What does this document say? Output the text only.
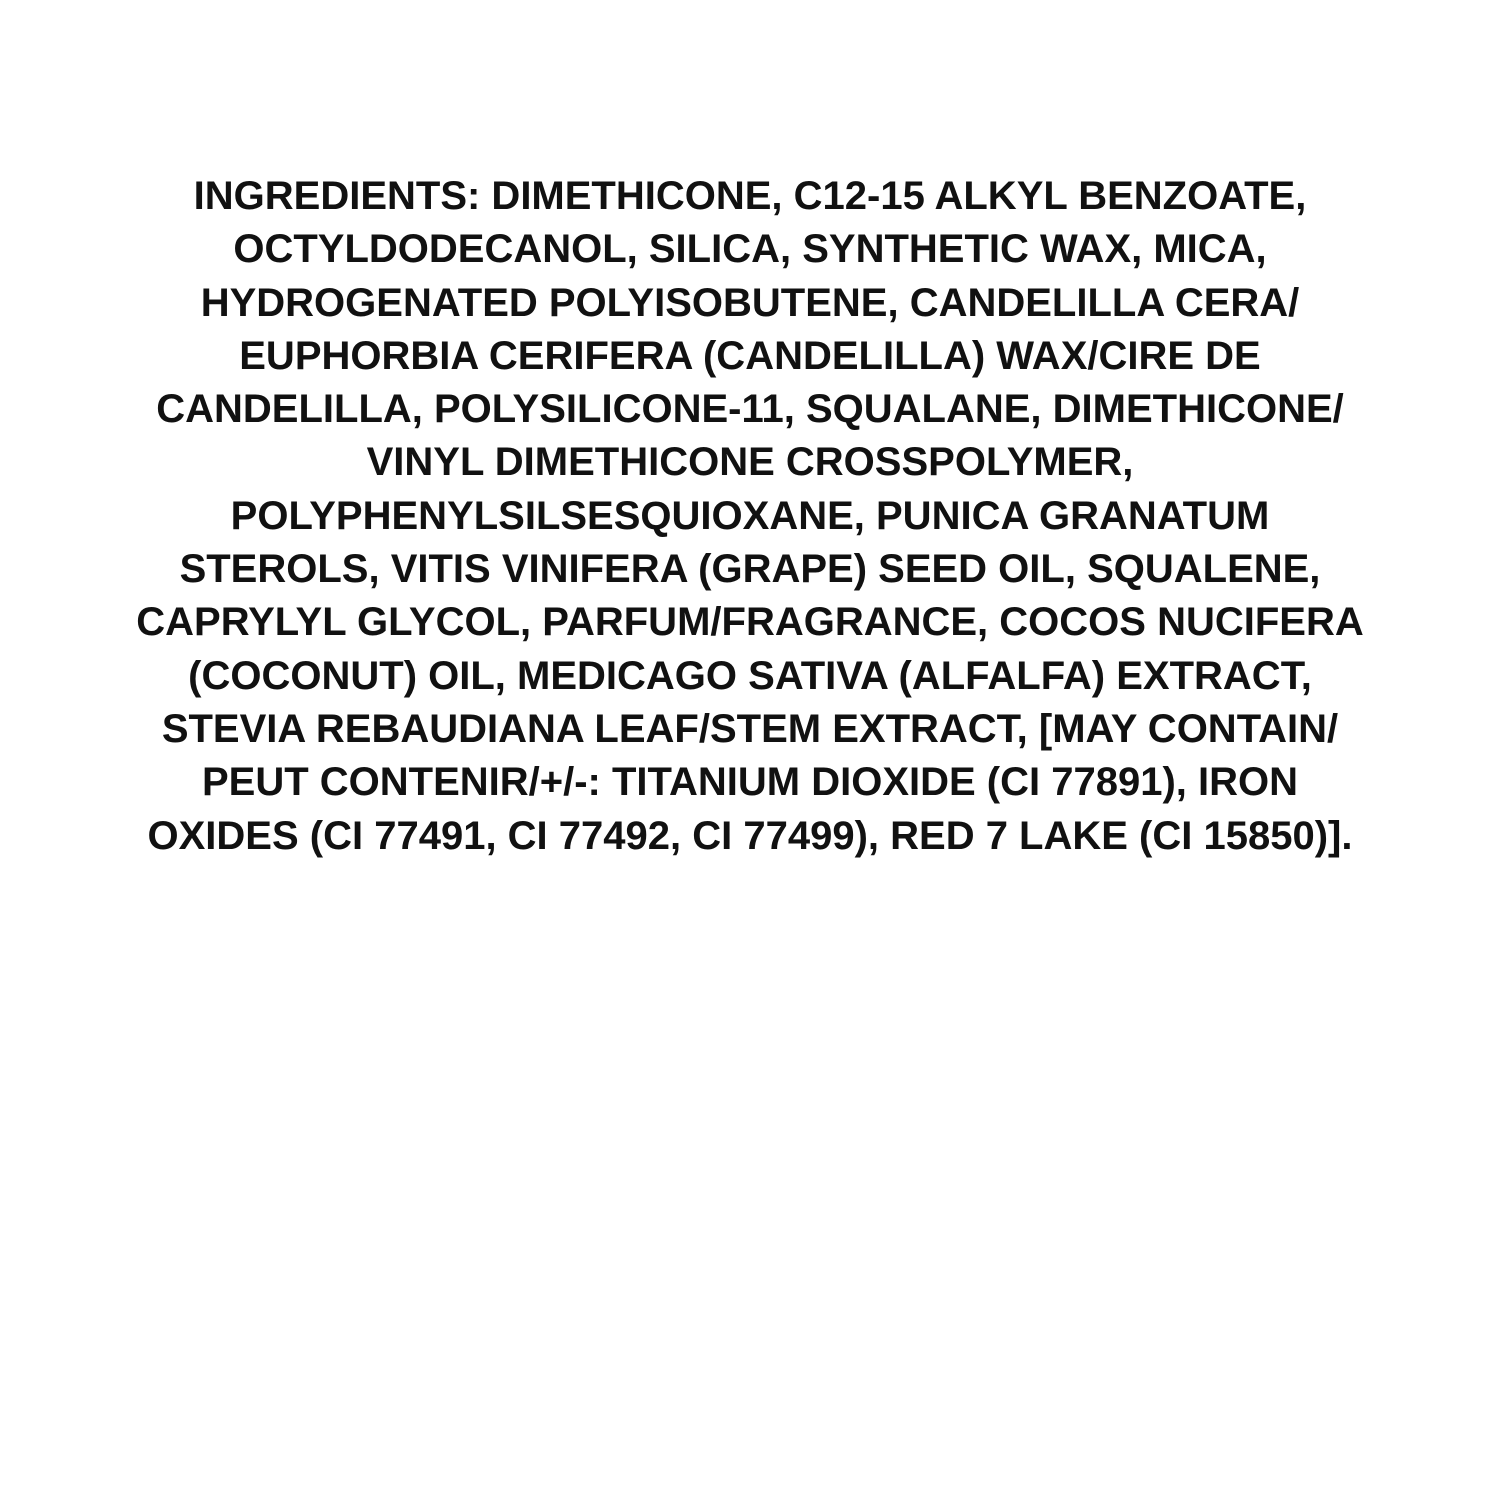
INGREDIENTS: DIMETHICONE, C12-15 ALKYL BENZOATE,
OCTYLDODECANOL, SILICA, SYNTHETIC WAX, MICA,
HYDROGENATED POLYISOBUTENE, CANDELILLA CERA/
EUPHORBIA CERIFERA (CANDELILLA) WAX/CIRE DE
CANDELILLA, POLYSILICONE-11, SQUALANE, DIMETHICONE/
VINYL DIMETHICONE CROSSPOLYMER,
POLYPHENYLSILSESQUIOXANE, PUNICA GRANATUM
STEROLS, VITIS VINIFERA (GRAPE) SEED OIL, SQUALENE,
CAPRYLYL GLYCOL, PARFUM/FRAGRANCE, COCOS NUCIFERA
(COCONUT) OIL, MEDICAGO SATIVA (ALFALFA) EXTRACT,
STEVIA REBAUDIANA LEAF/STEM EXTRACT, [MAY CONTAIN/
PEUT CONTENIR/+/-: TITANIUM DIOXIDE (CI 77891), IRON
OXIDES (CI 77491, CI 77492, CI 77499), RED 7 LAKE (CI 15850)].
